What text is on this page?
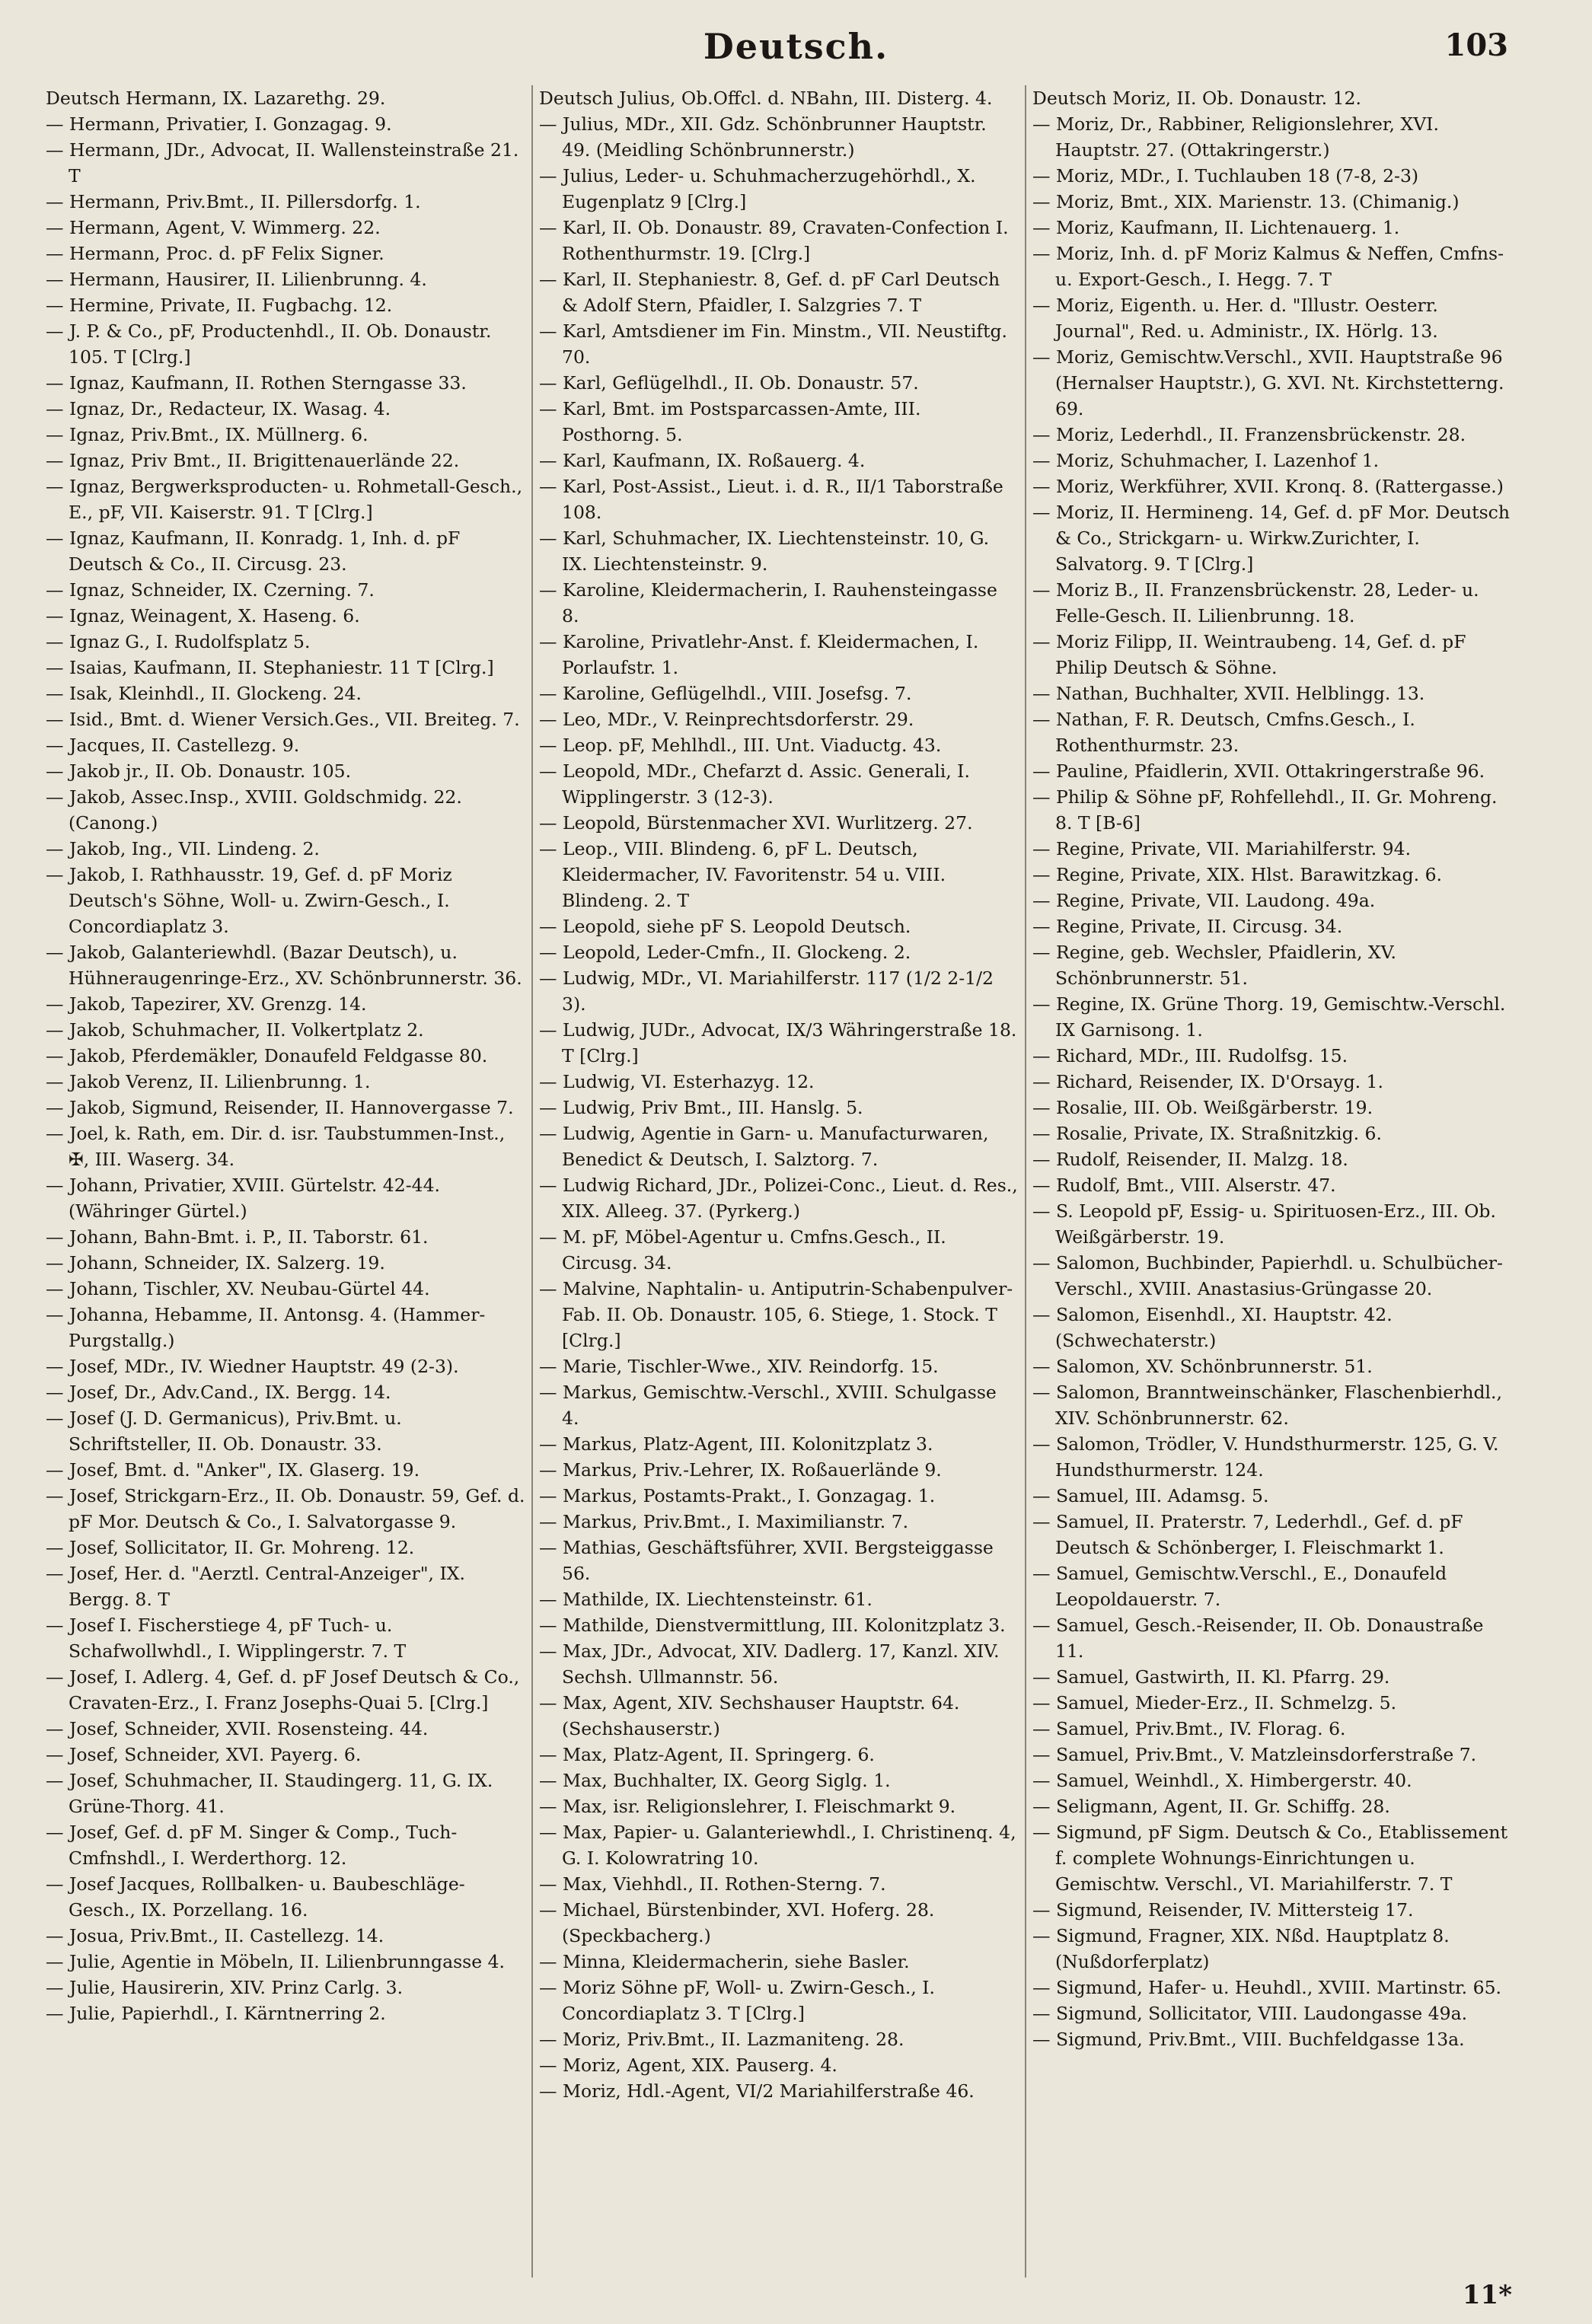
Deutsch.	103
Deutsch Hermann, IX. Lazarethg. 29.
— Hermann, Privatier, I. Gonzagag. 9.
— Hermann, JDr., Advocat, II. Wallensteinstraße 21. T
— Hermann, Priv.Bmt., II. Pillersdorfg. 1.
— Hermann, Agent, V. Wimmerg. 22.
— Hermann, Proc. d. pF Felix Signer.
— Hermann, Hausirer, II. Lilienbrunng. 4.
— Hermine, Private, II. Fugbachg. 12.
— J. P. & Co., pF, Productenhdl., II. Ob. Donaustr. 105. T [Clrg.]
— Ignaz, Kaufmann, II. Rothen Sterngasse 33.
— Ignaz, Dr., Redacteur, IX. Wasag. 4.
— Ignaz, Priv.Bmt., IX. Müllnerg. 6.
— Ignaz, Priv Bmt., II. Brigittenauerlände 22.
— Ignaz, Bergwerksproducten- u. Rohmetall-Gesch., E., pF, VII. Kaiserstr. 91. T [Clrg.]
— Ignaz, Kaufmann, II. Konradg. 1, Inh. d. pF Deutsch & Co., II. Circusg. 23.
— Ignaz, Schneider, IX. Czerning. 7.
— Ignaz, Weinagent, X. Haseng. 6.
— Ignaz G., I. Rudolfsplatz 5.
— Isaias, Kaufmann, II. Stephaniestr. 11 T [Clrg.]
— Isak, Kleinhdl., II. Glockeng. 24.
— Isid., Bmt. d. Wiener Versich.Ges., VII. Breiteg. 7.
— Jacques, II. Castellezg. 9.
— Jakob jr., II. Ob. Donaustr. 105.
— Jakob, Assec.Insp., XVIII. Goldschmidg. 22. (Canong.)
— Jakob, Ing., VII. Lindeng. 2.
— Jakob, I. Rathhausstr. 19, Gef. d. pF Moriz Deutsch's Söhne, Woll- u. Zwirn-Gesch., I. Concordiaplatz 3.
— Jakob, Galanteriewhdl. (Bazar Deutsch), u. Hühneraugenringe-Erz., XV. Schönbrunnerstr. 36.
— Jakob, Tapezirer, XV. Grenzg. 14.
— Jakob, Schuhmacher, II. Volkertplatz 2.
— Jakob, Pferdemäkler, Donaufeld Feldgasse 80.
— Jakob Verenz, II. Lilienbrunng. 1.
— Jakob, Sigmund, Reisender, II. Hannovergasse 7.
— Joel, k. Rath, em. Dir. d. isr. Taubstummen-Inst., ✠, III. Waserg. 34.
— Johann, Privatier, XVIII. Gürtelstr. 42-44. (Währinger Gürtel.)
— Johann, Bahn-Bmt. i. P., II. Taborstr. 61.
— Johann, Schneider, IX. Salzerg. 19.
— Johann, Tischler, XV. Neubau-Gürtel 44.
— Johanna, Hebamme, II. Antonsg. 4. (Hammer-Purgstallg.)
— Josef, MDr., IV. Wiedner Hauptstr. 49 (2-3).
— Josef, Dr., Adv.Cand., IX. Bergg. 14.
— Josef (J. D. Germanicus), Priv.Bmt. u. Schriftsteller, II. Ob. Donaustr. 33.
— Josef, Bmt. d. "Anker", IX. Glaserg. 19.
— Josef, Strickgarn-Erz., II. Ob. Donaustr. 59, Gef. d. pF Mor. Deutsch & Co., I. Salvatorgasse 9.
— Josef, Sollicitator, II. Gr. Mohreng. 12.
— Josef, Her. d. "Aerztl. Central-Anzeiger", IX. Bergg. 8. T
— Josef I. Fischerstiege 4, pF Tuch- u. Schafwollwhdl., I. Wipplingerstr. 7. T
— Josef, I. Adlerg. 4, Gef. d. pF Josef Deutsch & Co., Cravaten-Erz., I. Franz Josephs-Quai 5. [Clrg.]
— Josef, Schneider, XVII. Rosensteing. 44.
— Josef, Schneider, XVI. Payerg. 6.
— Josef, Schuhmacher, II. Staudingerg. 11, G. IX. Grüne-Thorg. 41.
— Josef, Gef. d. pF M. Singer & Comp., Tuch-Cmfnshdl., I. Werderthorg. 12.
— Josef Jacques, Rollbalken- u. Baubeschläge-Gesch., IX. Porzellang. 16.
— Josua, Priv.Bmt., II. Castellezg. 14.
— Julie, Agentie in Möbeln, II. Lilienbrunngasse 4.
— Julie, Hausirerin, XIV. Prinz Carlg. 3.
— Julie, Papierhdl., I. Kärntnerring 2.
Deutsch Julius, Ob.Offcl. d. NBahn, III. Disterg. 4.
— Julius, MDr., XII. Gdz. Schönbrunner Hauptstr. 49. (Meidling Schönbrunnerstr.)
— Julius, Leder- u. Schuhmacherzugehörhdl., X. Eugenplatz 9 [Clrg.]
— Karl, II. Ob. Donaustr. 89, Cravaten-Confection I. Rothenthurmstr. 19. [Clrg.]
— Karl, II. Stephaniestr. 8, Gef. d. pF Carl Deutsch & Adolf Stern, Pfaidler, I. Salzgries 7. T
— Karl, Amtsdiener im Fin. Minstm., VII. Neustiftg. 70.
— Karl, Geflügelhdl., II. Ob. Donaustr. 57.
— Karl, Bmt. im Postsparcassen-Amte, III. Posthorng. 5.
— Karl, Kaufmann, IX. Roßauerg. 4.
— Karl, Post-Assist., Lieut. i. d. R., II/1 Taborstraße 108.
— Karl, Schuhmacher, IX. Liechtensteinstr. 10, G. IX. Liechtensteinstr. 9.
— Karoline, Kleidermacherin, I. Rauhensteingasse 8.
— Karoline, Privatlehr-Anst. f. Kleidermachen, I. Porlaufstr. 1.
— Karoline, Geflügelhdl., VIII. Josefsg. 7.
— Leo, MDr., V. Reinprechtsdorferstr. 29.
— Leop. pF, Mehlhdl., III. Unt. Viaductg. 43.
— Leopold, MDr., Chefarzt d. Assic. Generali, I. Wipplingerstr. 3 (12-3).
— Leopold, Bürstenmacher XVI. Wurlitzerg. 27.
— Leop., VIII. Blindeng. 6, pF L. Deutsch, Kleidermacher, IV. Favoritenstr. 54 u. VIII. Blindeng. 2. T
— Leopold, siehe pF S. Leopold Deutsch.
— Leopold, Leder-Cmfn., II. Glockeng. 2.
— Ludwig, MDr., VI. Mariahilferstr. 117 (1/2 2-1/2 3).
— Ludwig, JUDr., Advocat, IX/3 Währingerstraße 18. T [Clrg.]
— Ludwig, VI. Esterhazyg. 12.
— Ludwig, Priv Bmt., III. Hanslg. 5.
— Ludwig, Agentie in Garn- u. Manufacturwaren, Benedict & Deutsch, I. Salztorg. 7.
— Ludwig Richard, JDr., Polizei-Conc., Lieut. d. Res., XIX. Alleeg. 37. (Pyrkerg.)
— M. pF, Möbel-Agentur u. Cmfns.Gesch., II. Circusg. 34.
— Malvine, Naphtalin- u. Antiputrin-Schabenpulver-Fab. II. Ob. Donaustr. 105, 6. Stiege, 1. Stock. T [Clrg.]
— Marie, Tischler-Wwe., XIV. Reindorfg. 15.
— Markus, Gemischtw.-Verschl., XVIII. Schulgasse 4.
— Markus, Platz-Agent, III. Kolonitzplatz 3.
— Markus, Priv.-Lehrer, IX. Roßauerlände 9.
— Markus, Postamts-Prakt., I. Gonzagag. 1.
— Markus, Priv.Bmt., I. Maximilianstr. 7.
— Mathias, Geschäftsführer, XVII. Bergsteiggasse 56.
— Mathilde, IX. Liechtensteinstr. 61.
— Mathilde, Dienstvermittlung, III. Kolonitzplatz 3.
— Max, JDr., Advocat, XIV. Dadlerg. 17, Kanzl. XIV. Sechsh. Ullmannstr. 56.
— Max, Agent, XIV. Sechshauser Hauptstr. 64. (Sechshauserstr.)
— Max, Platz-Agent, II. Springerg. 6.
— Max, Buchhalter, IX. Georg Siglg. 1.
— Max, isr. Religionslehrer, I. Fleischmarkt 9.
— Max, Papier- u. Galanteriewhdl., I. Christinenq. 4, G. I. Kolowratring 10.
— Max, Viehhdl., II. Rothen-Sterng. 7.
— Michael, Bürstenbinder, XVI. Hoferg. 28. (Speckbacherg.)
— Minna, Kleidermacherin, siehe Basler.
— Moriz Söhne pF, Woll- u. Zwirn-Gesch., I. Concordiaplatz 3. T [Clrg.]
— Moriz, Priv.Bmt., II. Lazmaniteng. 28.
— Moriz, Agent, XIX. Pauserg. 4.
— Moriz, Hdl.-Agent, VI/2 Mariahilferstraße 46.
Deutsch Moriz, II. Ob. Donaustr. 12.
— Moriz, Dr., Rabbiner, Religionslehrer, XVI. Hauptstr. 27. (Ottakringerstr.)
— Moriz, MDr., I. Tuchlauben 18 (7-8, 2-3)
— Moriz, Bmt., XIX. Marienstr. 13. (Chimanig.)
— Moriz, Kaufmann, II. Lichtenauerg. 1.
— Moriz, Inh. d. pF Moriz Kalmus & Neffen, Cmfns- u. Export-Gesch., I. Hegg. 7. T
— Moriz, Eigenth. u. Her. d. "Illustr. Oesterr. Journal", Red. u. Administr., IX. Hörlg. 13.
— Moriz, Gemischtw.Verschl., XVII. Hauptstraße 96 (Hernalser Hauptstr.), G. XVI. Nt. Kirchstetterng. 69.
— Moriz, Lederhdl., II. Franzensbrückenstr. 28.
— Moriz, Schuhmacher, I. Lazenhof 1.
— Moriz, Werkführer, XVII. Kronq. 8. (Rattergasse.)
— Moriz, II. Hermineng. 14, Gef. d. pF Mor. Deutsch & Co., Strickgarn- u. Wirkw.Zurichter, I. Salvatorg. 9. T [Clrg.]
— Moriz B., II. Franzensbrückenstr. 28, Leder- u. Felle-Gesch. II. Lilienbrunng. 18.
— Moriz Filipp, II. Weintraubeng. 14, Gef. d. pF Philip Deutsch & Söhne.
— Nathan, Buchhalter, XVII. Helblingg. 13.
— Nathan, F. R. Deutsch, Cmfns.Gesch., I. Rothenthurmstr. 23.
— Pauline, Pfaidlerin, XVII. Ottakringerstraße 96.
— Philip & Söhne pF, Rohfellehdl., II. Gr. Mohreng. 8. T [B-6]
— Regine, Private, VII. Mariahilferstr. 94.
— Regine, Private, XIX. Hlst. Barawitzkag. 6.
— Regine, Private, VII. Laudong. 49a.
— Regine, Private, II. Circusg. 34.
— Regine, geb. Wechsler, Pfaidlerin, XV. Schönbrunnerstr. 51.
— Regine, IX. Grüne Thorg. 19, Gemischtw.-Verschl. IX Garnisong. 1.
— Richard, MDr., III. Rudolfsg. 15.
— Richard, Reisender, IX. D'Orsayg. 1.
— Rosalie, III. Ob. Weißgärberstr. 19.
— Rosalie, Private, IX. Straßnitzkig. 6.
— Rudolf, Reisender, II. Malzg. 18.
— Rudolf, Bmt., VIII. Alserstr. 47.
— S. Leopold pF, Essig- u. Spirituosen-Erz., III. Ob. Weißgärberstr. 19.
— Salomon, Buchbinder, Papierhdl. u. Schulbücher-Verschl., XVIII. Anastasius-Grüngasse 20.
— Salomon, Eisenhdl., XI. Hauptstr. 42. (Schwechaterstr.)
— Salomon, XV. Schönbrunnerstr. 51.
— Salomon, Branntweinschänker, Flaschenbierhdl., XIV. Schönbrunnerstr. 62.
— Salomon, Trödler, V. Hundsthurmerstr. 125, G. V. Hundsthurmerstr. 124.
— Samuel, III. Adamsg. 5.
— Samuel, II. Praterstr. 7, Lederhdl., Gef. d. pF Deutsch & Schönberger, I. Fleischmarkt 1.
— Samuel, Gemischtw.Verschl., E., Donaufeld Leopoldauerstr. 7.
— Samuel, Gesch.-Reisender, II. Ob. Donaustraße 11.
— Samuel, Gastwirth, II. Kl. Pfarrg. 29.
— Samuel, Mieder-Erz., II. Schmelzg. 5.
— Samuel, Priv.Bmt., IV. Florag. 6.
— Samuel, Priv.Bmt., V. Matzleinsdorferstraße 7.
— Samuel, Weinhdl., X. Himbergerstr. 40.
— Seligmann, Agent, II. Gr. Schiffg. 28.
— Sigmund, pF Sigm. Deutsch & Co., Etablissement f. complete Wohnungs-Einrichtungen u. Gemischtw. Verschl., VI. Mariahilferstr. 7. T
— Sigmund, Reisender, IV. Mittersteig 17.
— Sigmund, Fragner, XIX. Nßd. Hauptplatz 8. (Nußdorferplatz)
— Sigmund, Hafer- u. Heuhdl., XVIII. Martinstr. 65.
— Sigmund, Sollicitator, VIII. Laudongasse 49a.
— Sigmund, Priv.Bmt., VIII. Buchfeldgasse 13a.
11*
